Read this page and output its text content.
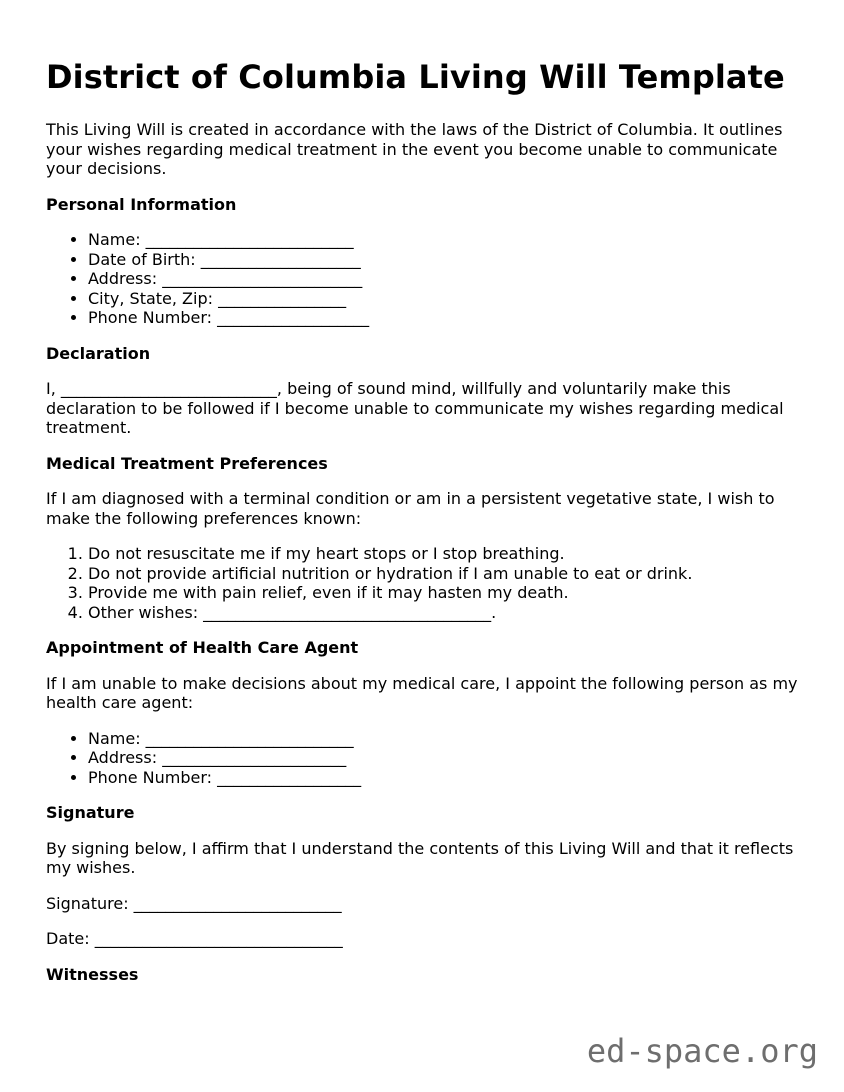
District of Columbia Living Will Template

This Living Will is created in accordance with the laws of the District of Columbia. It outlines your wishes regarding medical treatment in the event you become unable to communicate your decisions.

Personal Information
• Name: __________________________
• Date of Birth: ____________________
• Address: _________________________
• City, State, Zip: ________________
• Phone Number: ___________________
Declaration

I, ___________________________, being of sound mind, willfully and voluntarily make this declaration to be followed if I become unable to communicate my wishes regarding medical treatment.

Medical Treatment Preferences

If I am diagnosed with a terminal condition or am in a persistent vegetative state, I wish to make the following preferences known:

1. Do not resuscitate me if my heart stops or I stop breathing.
2. Do not provide artificial nutrition or hydration if I am unable to eat or drink.
3. Provide me with pain relief, even if it may hasten my death.
4. Other wishes: ____________________________________.
Appointment of Health Care Agent

If I am unable to make decisions about my medical care, I appoint the following person as my health care agent:

• Name: __________________________
• Address: _______________________
• Phone Number: __________________
Signature

By signing below, I affirm that I understand the contents of this Living Will and that it reflects my wishes.

Signature: __________________________

Date: _______________________________

Witnesses
ed-space.org
